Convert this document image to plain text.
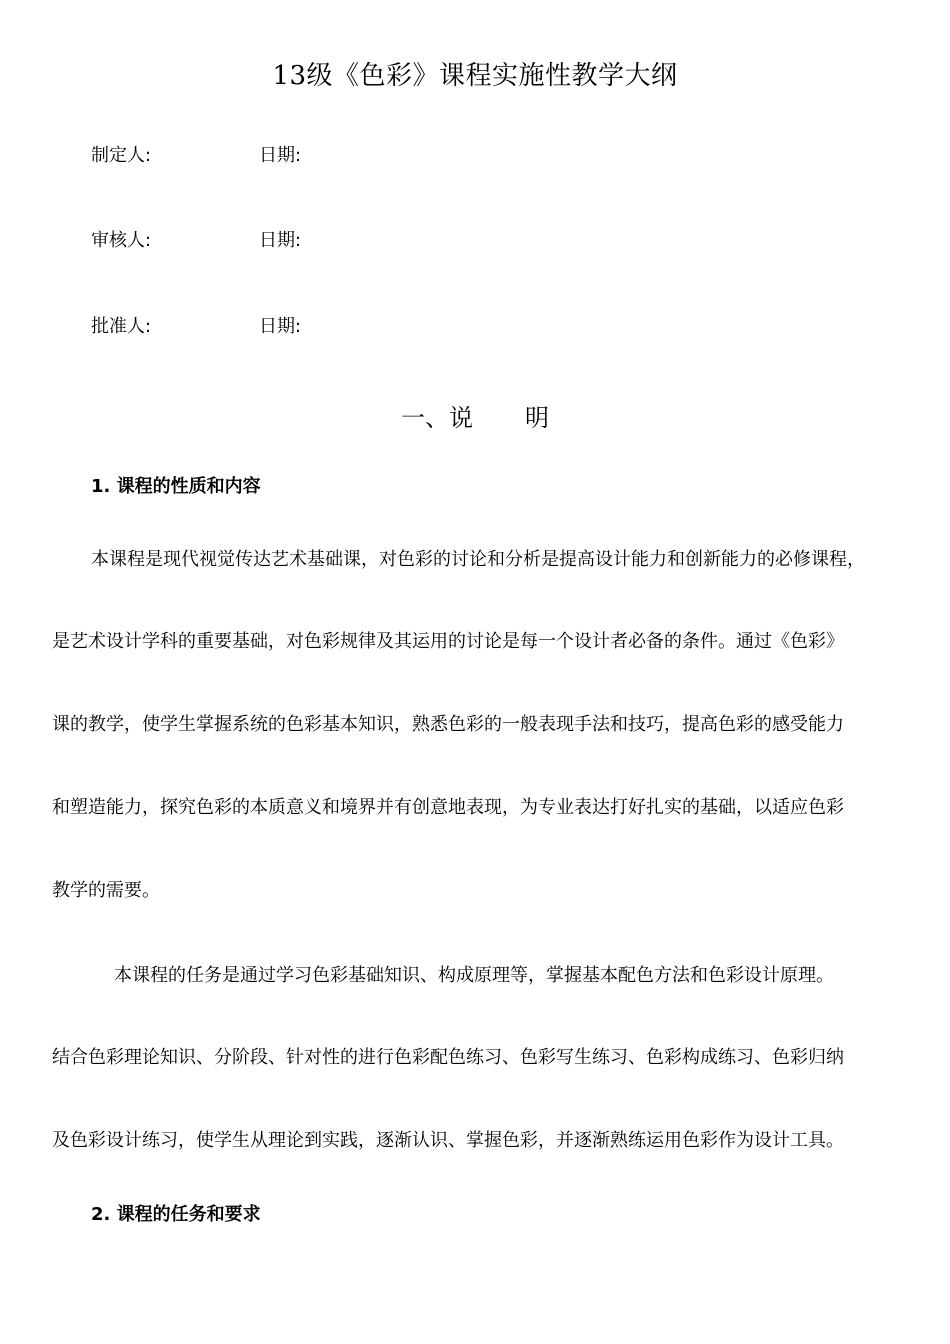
13级《色彩》课程实施性教学大纲
制定人:	日期:
审核人:	日期:
批准人:	日期:
一、说 明
1. 课程的性质和内容
本课程是现代视觉传达艺术基础课，对色彩的讨论和分析是提高设计能力和创新能力的必修课程，
是艺术设计学科的重要基础，对色彩规律及其运用的讨论是每一个设计者必备的条件。通过《色彩》
课的教学，使学生掌握系统的色彩基本知识，熟悉色彩的一般表现手法和技巧，提高色彩的感受能力
和塑造能力，探究色彩的本质意义和境界并有创意地表现，为专业表达打好扎实的基础，以适应色彩
教学的需要。
本课程的任务是通过学习色彩基础知识、构成原理等，掌握基本配色方法和色彩设计原理。
结合色彩理论知识、分阶段、针对性的进行色彩配色练习、色彩写生练习、色彩构成练习、色彩归纳
及色彩设计练习，使学生从理论到实践，逐渐认识、掌握色彩，并逐渐熟练运用色彩作为设计工具。
2. 课程的任务和要求
